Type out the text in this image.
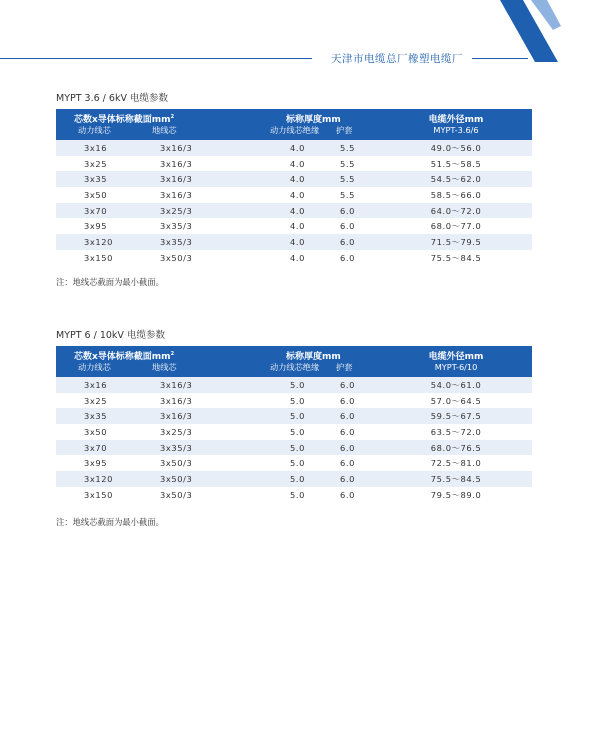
天津市电缆总厂橡塑电缆厂
MYPT 3.6 / 6kV 电缆参数
芯数x导体标称截面$mm^2$		标称厚度mm		电缆外径mm
动力线芯	地线芯	动力线芯绝缘	护套	MYPT-3.6/6
3x16	3x16/3	4.0	5.5	49.0～56.0
3x25	3x16/3	4.0	5.5	51.5～58.5
3x35	3x16/3	4.0	5.5	54.5～62.0
3x50	3x16/3	4.0	5.5	58.5～66.0
3x70	3x25/3	4.0	6.0	64.0～72.0
3x95	3x35/3	4.0	6.0	68.0～77.0
3x120	3x35/3	4.0	6.0	71.5～79.5
3x150	3x50/3	4.0	6.0	75.5～84.5
注：地线芯截面为最小截面。
MYPT 6 / 10kV 电缆参数
芯数x导体标称截面$mm^2$		标称厚度mm		电缆外径mm
动力线芯	地线芯	动力线芯绝缘	护套	MYPT-6/10
3x16	3x16/3	5.0	6.0	54.0～61.0
3x25	3x16/3	5.0	6.0	57.0～64.5
3x35	3x16/3	5.0	6.0	59.5～67.5
3x50	3x25/3	5.0	6.0	63.5～72.0
3x70	3x35/3	5.0	6.0	68.0～76.5
3x95	3x50/3	5.0	6.0	72.5～81.0
3x120	3x50/3	5.0	6.0	75.5～84.5
3x150	3x50/3	5.0	6.0	79.5～89.0
注：地线芯截面为最小截面。
